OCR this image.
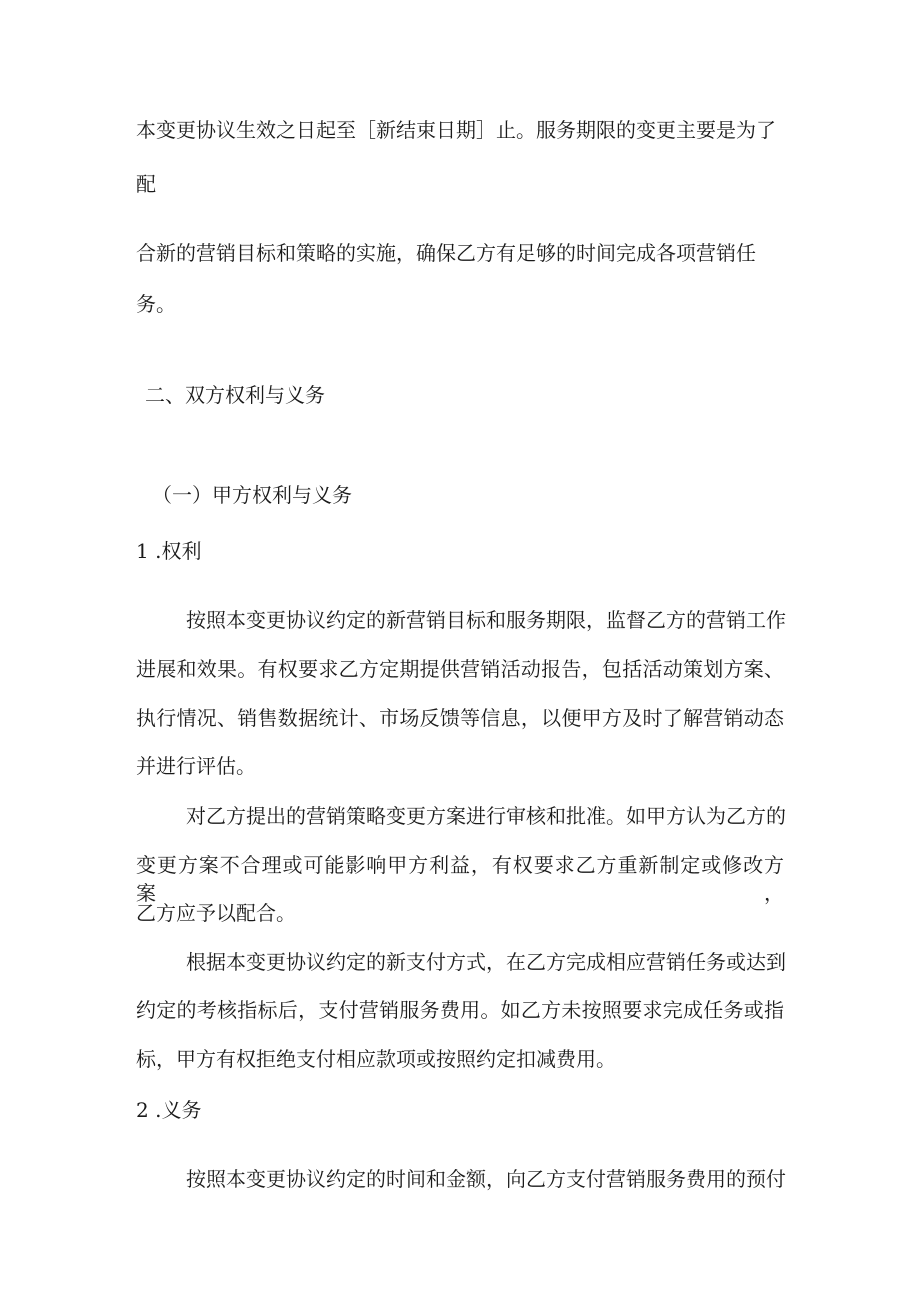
本变更协议生效之日起至［新结束日期］止。服务期限的变更主要是为了

配

合新的营销目标和策略的实施，确保乙方有足够的时间完成各项营销任

务。

二、双方权利与义务

（一）甲方权利与义务

1 .权利

按照本变更协议约定的新营销目标和服务期限，监督乙方的营销工作

进展和效果。有权要求乙方定期提供营销活动报告，包括活动策划方案、

执行情况、销售数据统计、市场反馈等信息，以便甲方及时了解营销动态

并进行评估。

对乙方提出的营销策略变更方案进行审核和批准。如甲方认为乙方的

变更方案不合理或可能影响甲方利益，有权要求乙方重新制定或修改方案，

乙方应予以配合。

根据本变更协议约定的新支付方式，在乙方完成相应营销任务或达到

约定的考核指标后，支付营销服务费用。如乙方未按照要求完成任务或指

标，甲方有权拒绝支付相应款项或按照约定扣减费用。

2 .义务

按照本变更协议约定的时间和金额，向乙方支付营销服务费用的预付
